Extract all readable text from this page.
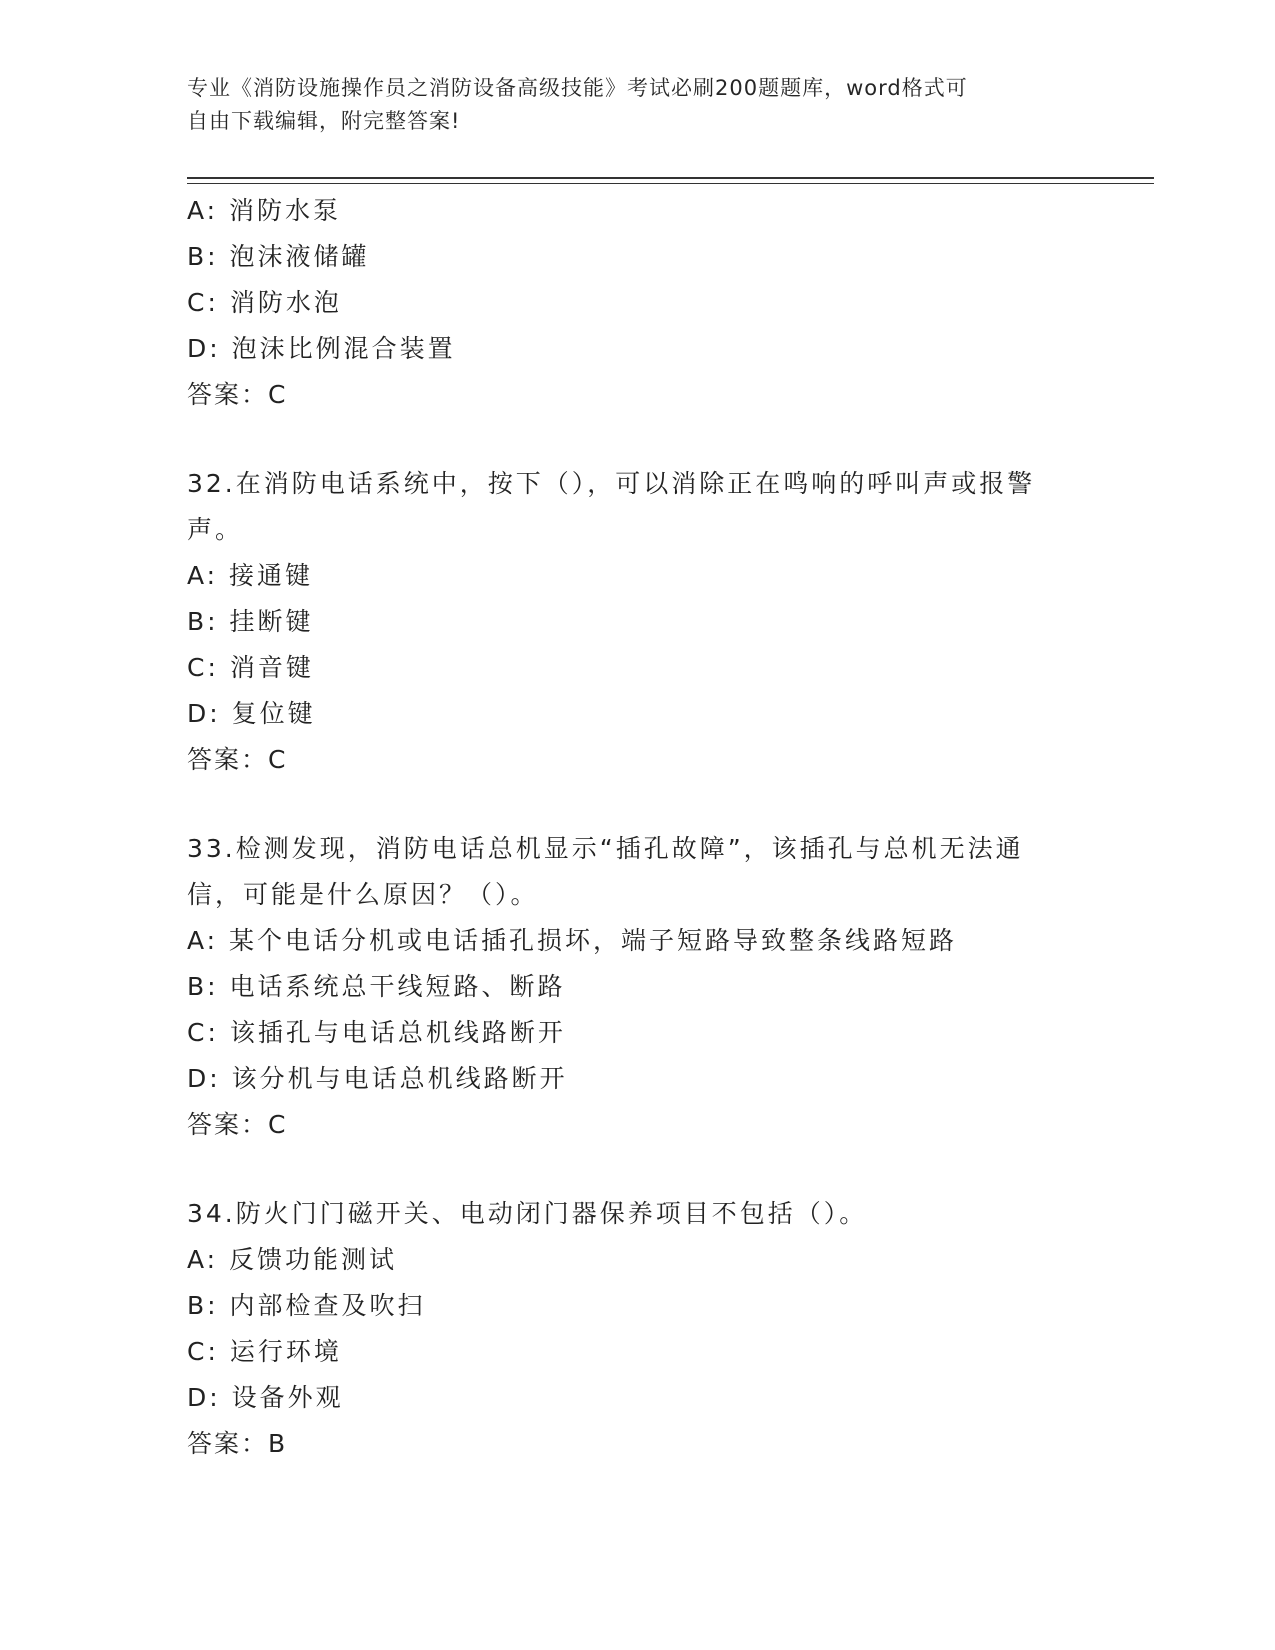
专业《消防设施操作员之消防设备高级技能》考试必刷200题题库，word格式可
自由下载编辑，附完整答案!
A: 消防水泵
B: 泡沫液储罐
C: 消防水泡
D: 泡沫比例混合装置
答案：C
32.在消防电话系统中，按下（），可以消除正在鸣响的呼叫声或报警
声。
A: 接通键
B: 挂断键
C: 消音键
D: 复位键
答案：C
33.检测发现，消防电话总机显示“插孔故障”，该插孔与总机无法通
信，可能是什么原因？（）。
A: 某个电话分机或电话插孔损坏，端子短路导致整条线路短路
B: 电话系统总干线短路、断路
C: 该插孔与电话总机线路断开
D: 该分机与电话总机线路断开
答案：C
34.防火门门磁开关、电动闭门器保养项目不包括（）。
A: 反馈功能测试
B: 内部检查及吹扫
C: 运行环境
D: 设备外观
答案：B
